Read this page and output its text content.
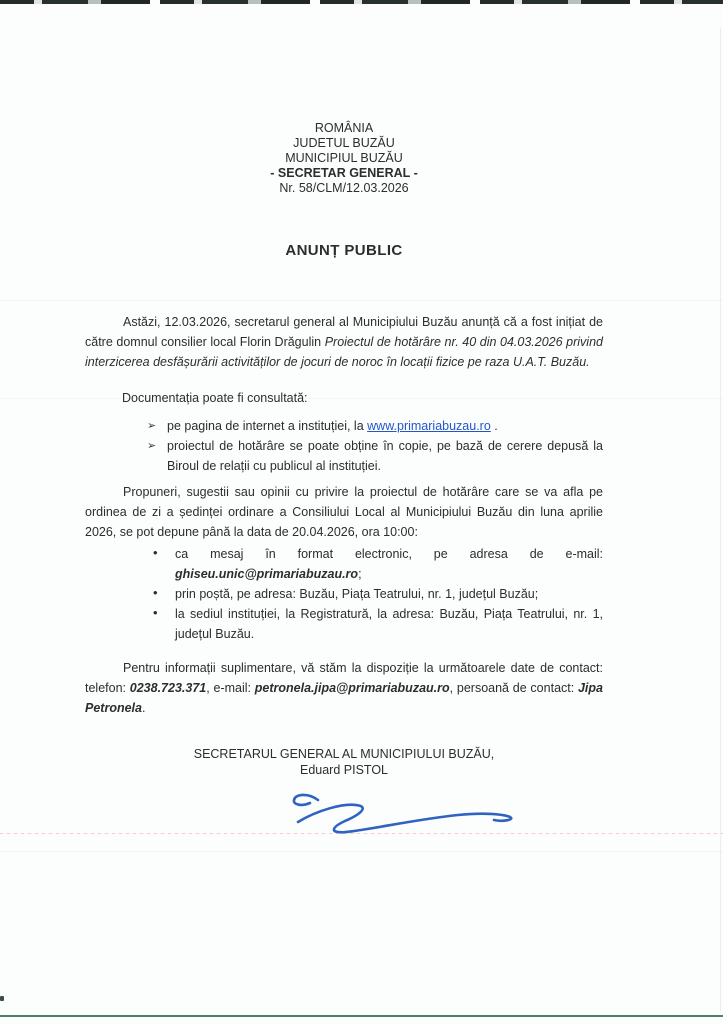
ROMÂNIA
JUDETUL BUZĂU
MUNICIPIUL BUZĂU
- SECRETAR GENERAL -
Nr. 58/CLM/12.03.2026
ANUNȚ PUBLIC

Astăzi, 12.03.2026, secretarul general al Municipiului Buzău anunță că a fost inițiat de către domnul consilier local Florin Drăgulin Proiectul de hotărâre nr. 40 din 04.03.2026 privind interzicerea desfășurării activităților de jocuri de noroc în locații fizice pe raza U.A.T. Buzău.

Documentația poate fi consultată:

➢ pe pagina de internet a instituției, la www.primariabuzau.ro .
➢ proiectul de hotărâre se poate obține în copie, pe bază de cerere depusă la Biroul de relații cu publicul al instituției.

Propuneri, sugestii sau opinii cu privire la proiectul de hotărâre care se va afla pe ordinea de zi a ședinței ordinare a Consiliului Local al Municipiului Buzău din luna aprilie 2026, se pot depune până la data de 20.04.2026, ora 10:00:

• ca mesaj în format electronic, pe adresa de e-mail: ghiseu.unic@primariabuzau.ro;
• prin poștă, pe adresa: Buzău, Piața Teatrului, nr. 1, județul Buzău;
• la sediul instituției, la Registratură, la adresa: Buzău, Piața Teatrului, nr. 1, județul Buzău.

Pentru informații suplimentare, vă stăm la dispoziție la următoarele date de contact: telefon: 0238.723.371, e-mail: petronela.jipa@primariabuzau.ro, persoană de contact: Jipa Petronela.

SECRETARUL GENERAL AL MUNICIPIULUI BUZĂU,
Eduard PISTOL
